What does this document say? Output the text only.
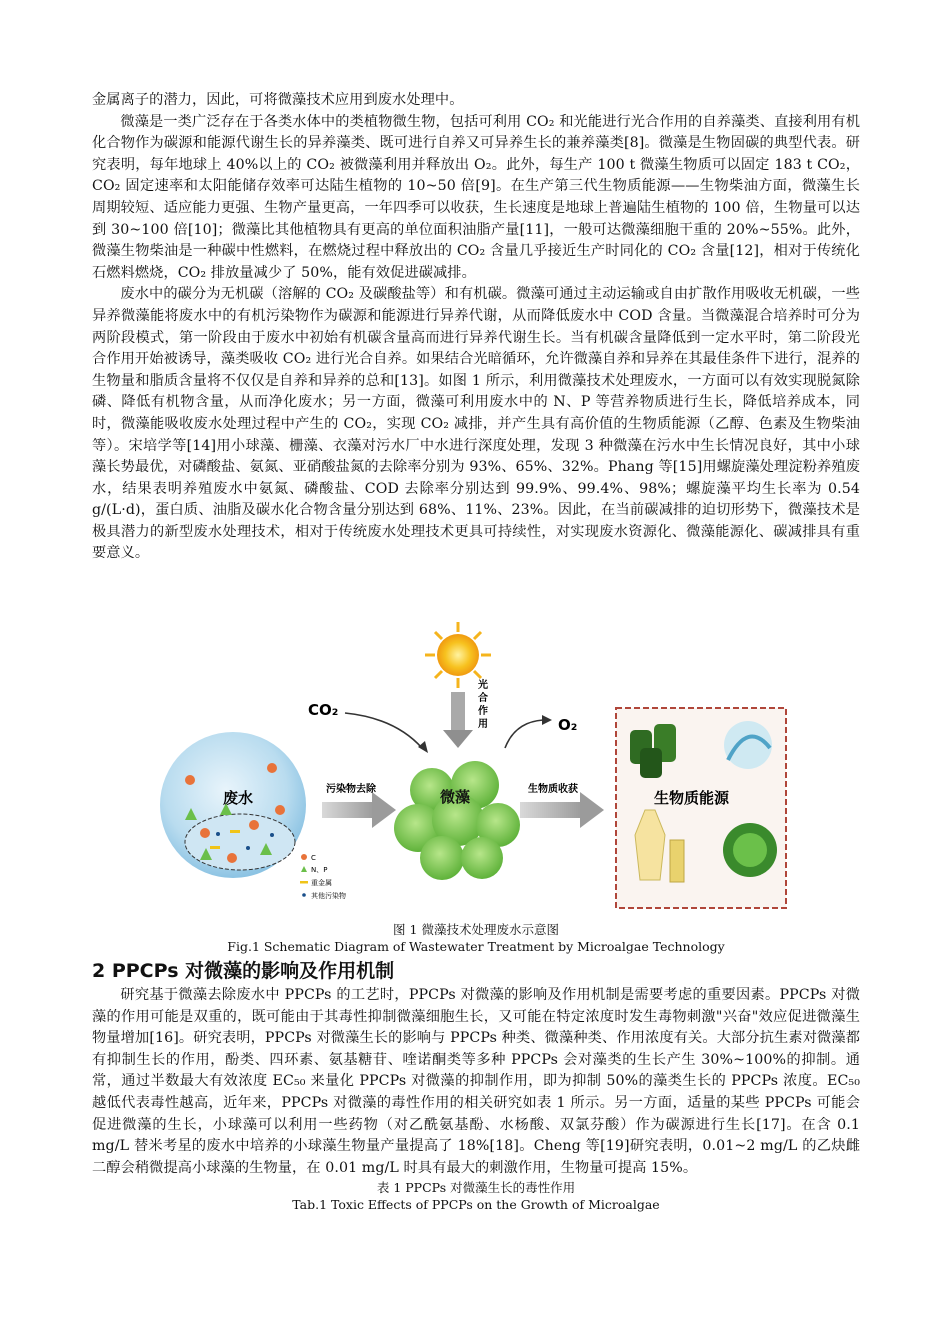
金属离子的潜力，因此，可将微藻技术应用到废水处理中。

微藻是一类广泛存在于各类水体中的类植物微生物，包括可利用 CO₂ 和光能进行光合作用的自养藻类、直接利用有机化合物作为碳源和能源代谢生长的异养藻类、既可进行自养又可异养生长的兼养藻类[8]。微藻是生物固碳的典型代表。研究表明，每年地球上 40%以上的 CO₂ 被微藻利用并释放出 O₂。此外，每生产 100 t 微藻生物质可以固定 183 t CO₂，CO₂ 固定速率和太阳能储存效率可达陆生植物的 10~50 倍[9]。在生产第三代生物质能源——生物柴油方面，微藻生长周期较短、适应能力更强、生物产量更高，一年四季可以收获，生长速度是地球上普遍陆生植物的 100 倍，生物量可以达到 30~100 倍[10]；微藻比其他植物具有更高的单位面积油脂产量[11]，一般可达微藻细胞干重的 20%~55%。此外，微藻生物柴油是一种碳中性燃料，在燃烧过程中释放出的 CO₂ 含量几乎接近生产时同化的 CO₂ 含量[12]，相对于传统化石燃料燃烧，CO₂ 排放量减少了 50%，能有效促进碳减排。

废水中的碳分为无机碳（溶解的 CO₂ 及碳酸盐等）和有机碳。微藻可通过主动运输或自由扩散作用吸收无机碳，一些异养微藻能将废水中的有机污染物作为碳源和能源进行异养代谢，从而降低废水中 COD 含量。当微藻混合培养时可分为两阶段模式，第一阶段由于废水中初始有机碳含量高而进行异养代谢生长。当有机碳含量降低到一定水平时，第二阶段光合作用开始被诱导，藻类吸收 CO₂ 进行光合自养。如果结合光暗循环，允许微藻自养和异养在其最佳条件下进行，混养的生物量和脂质含量将不仅仅是自养和异养的总和[13]。如图 1 所示，利用微藻技术处理废水，一方面可以有效实现脱氮除磷、降低有机物含量，从而净化废水；另一方面，微藻可利用废水中的 N、P 等营养物质进行生长，降低培养成本，同时，微藻能吸收废水处理过程中产生的 CO₂，实现 CO₂ 减排，并产生具有高价值的生物质能源（乙醇、色素及生物柴油等）。宋培学等[14]用小球藻、栅藻、衣藻对污水厂中水进行深度处理，发现 3 种微藻在污水中生长情况良好，其中小球藻长势最优，对磷酸盐、氨氮、亚硝酸盐氮的去除率分别为 93%、65%、32%。Phang 等[15]用螺旋藻处理淀粉养殖废水，结果表明养殖废水中氨氮、磷酸盐、COD 去除率分别达到 99.9%、99.4%、98%；螺旋藻平均生长率为 0.54 g/(L·d)，蛋白质、油脂及碳水化合物含量分别达到 68%、11%、23%。因此，在当前碳减排的迫切形势下，微藻技术是极具潜力的新型废水处理技术，相对于传统废水处理技术更具可持续性，对实现废水资源化、微藻能源化、碳减排具有重要意义。

光
合
作
用
CO₂
O₂
废水
C
N、P
重金属
其他污染物
污染物去除	微藻	生物质收获	生物质能源
图 1 微藻技术处理废水示意图
Fig.1 Schematic Diagram of Wastewater Treatment by Microalgae Technology
2 PPCPs 对微藻的影响及作用机制

研究基于微藻去除废水中 PPCPs 的工艺时，PPCPs 对微藻的影响及作用机制是需要考虑的重要因素。PPCPs 对微藻的作用可能是双重的，既可能由于其毒性抑制微藻细胞生长，又可能在特定浓度时发生毒物刺激"兴奋"效应促进微藻生物量增加[16]。研究表明，PPCPs 对微藻生长的影响与 PPCPs 种类、微藻种类、作用浓度有关。大部分抗生素对微藻都有抑制生长的作用，酚类、四环素、氨基糖苷、喹诺酮类等多种 PPCPs 会对藻类的生长产生 30%~100%的抑制。通常，通过半数最大有效浓度 EC₅₀ 来量化 PPCPs 对微藻的抑制作用，即为抑制 50%的藻类生长的 PPCPs 浓度。EC₅₀ 越低代表毒性越高，近年来，PPCPs 对微藻的毒性作用的相关研究如表 1 所示。另一方面，适量的某些 PPCPs 可能会促进微藻的生长，小球藻可以利用一些药物（对乙酰氨基酚、水杨酸、双氯芬酸）作为碳源进行生长[17]。在含 0.1 mg/L 替米考星的废水中培养的小球藻生物量产量提高了 18%[18]。Cheng 等[19]研究表明，0.01~2 mg/L 的乙炔雌二醇会稍微提高小球藻的生物量，在 0.01 mg/L 时具有最大的刺激作用，生物量可提高 15%。

表 1 PPCPs 对微藻生长的毒性作用
Tab.1 Toxic Effects of PPCPs on the Growth of Microalgae
